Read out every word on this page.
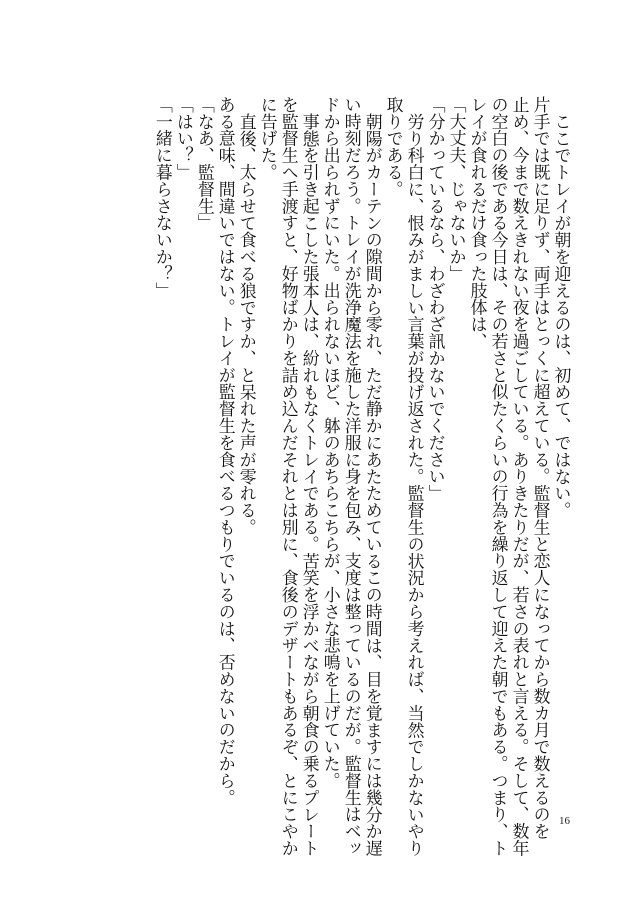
ここでトレイが朝を迎えるのは、初めて、ではない。

片手では既に足りず、両手はとっくに超えている。監督生と恋人になってから数カ月で数えるのを

止め、今まで数えきれない夜を過ごしている。ありきたりだが、若さの表れと言える。そして、数年

の空白の後である今日は、その若さと似たくらいの行為を繰り返して迎えた朝でもある。つまり、ト

レイが食れるだけ食った肢体は、

「大丈夫、じゃないか」

「分かっているなら、わざわざ訊かないでください」

労り科白に、恨みがましい言葉が投げ返された。監督生の状況から考えれば、当然でしかないやり

取りである。

朝陽がカーテンの隙間から零れ、ただ静かにあたためているこの時間は、目を覚ますには幾分か遅

い時刻だろう。トレイが洗浄魔法を施した洋服に身を包み、支度は整っているのだが。監督生はベッ

ドから出られずにいた。出られないほど、躰のあちらこちらが、小さな悲鳴を上げていた。

事態を引き起こした張本人は、紛れもなくトレイである。苦笑を浮かべながら朝食の乗るプレート

を監督生へ手渡すと、好物ばかりを詰め込んだそれとは別に、食後のデザートもあるぞ、とにこやか

に告げた。

直後、太らせて食べる狼ですか、と呆れた声が零れる。

ある意味、間違いではない。トレイが監督生を食べるつもりでいるのは、否めないのだから。

「なあ、監督生」

「はい？」

「一緒に暮らさないか？」

16
